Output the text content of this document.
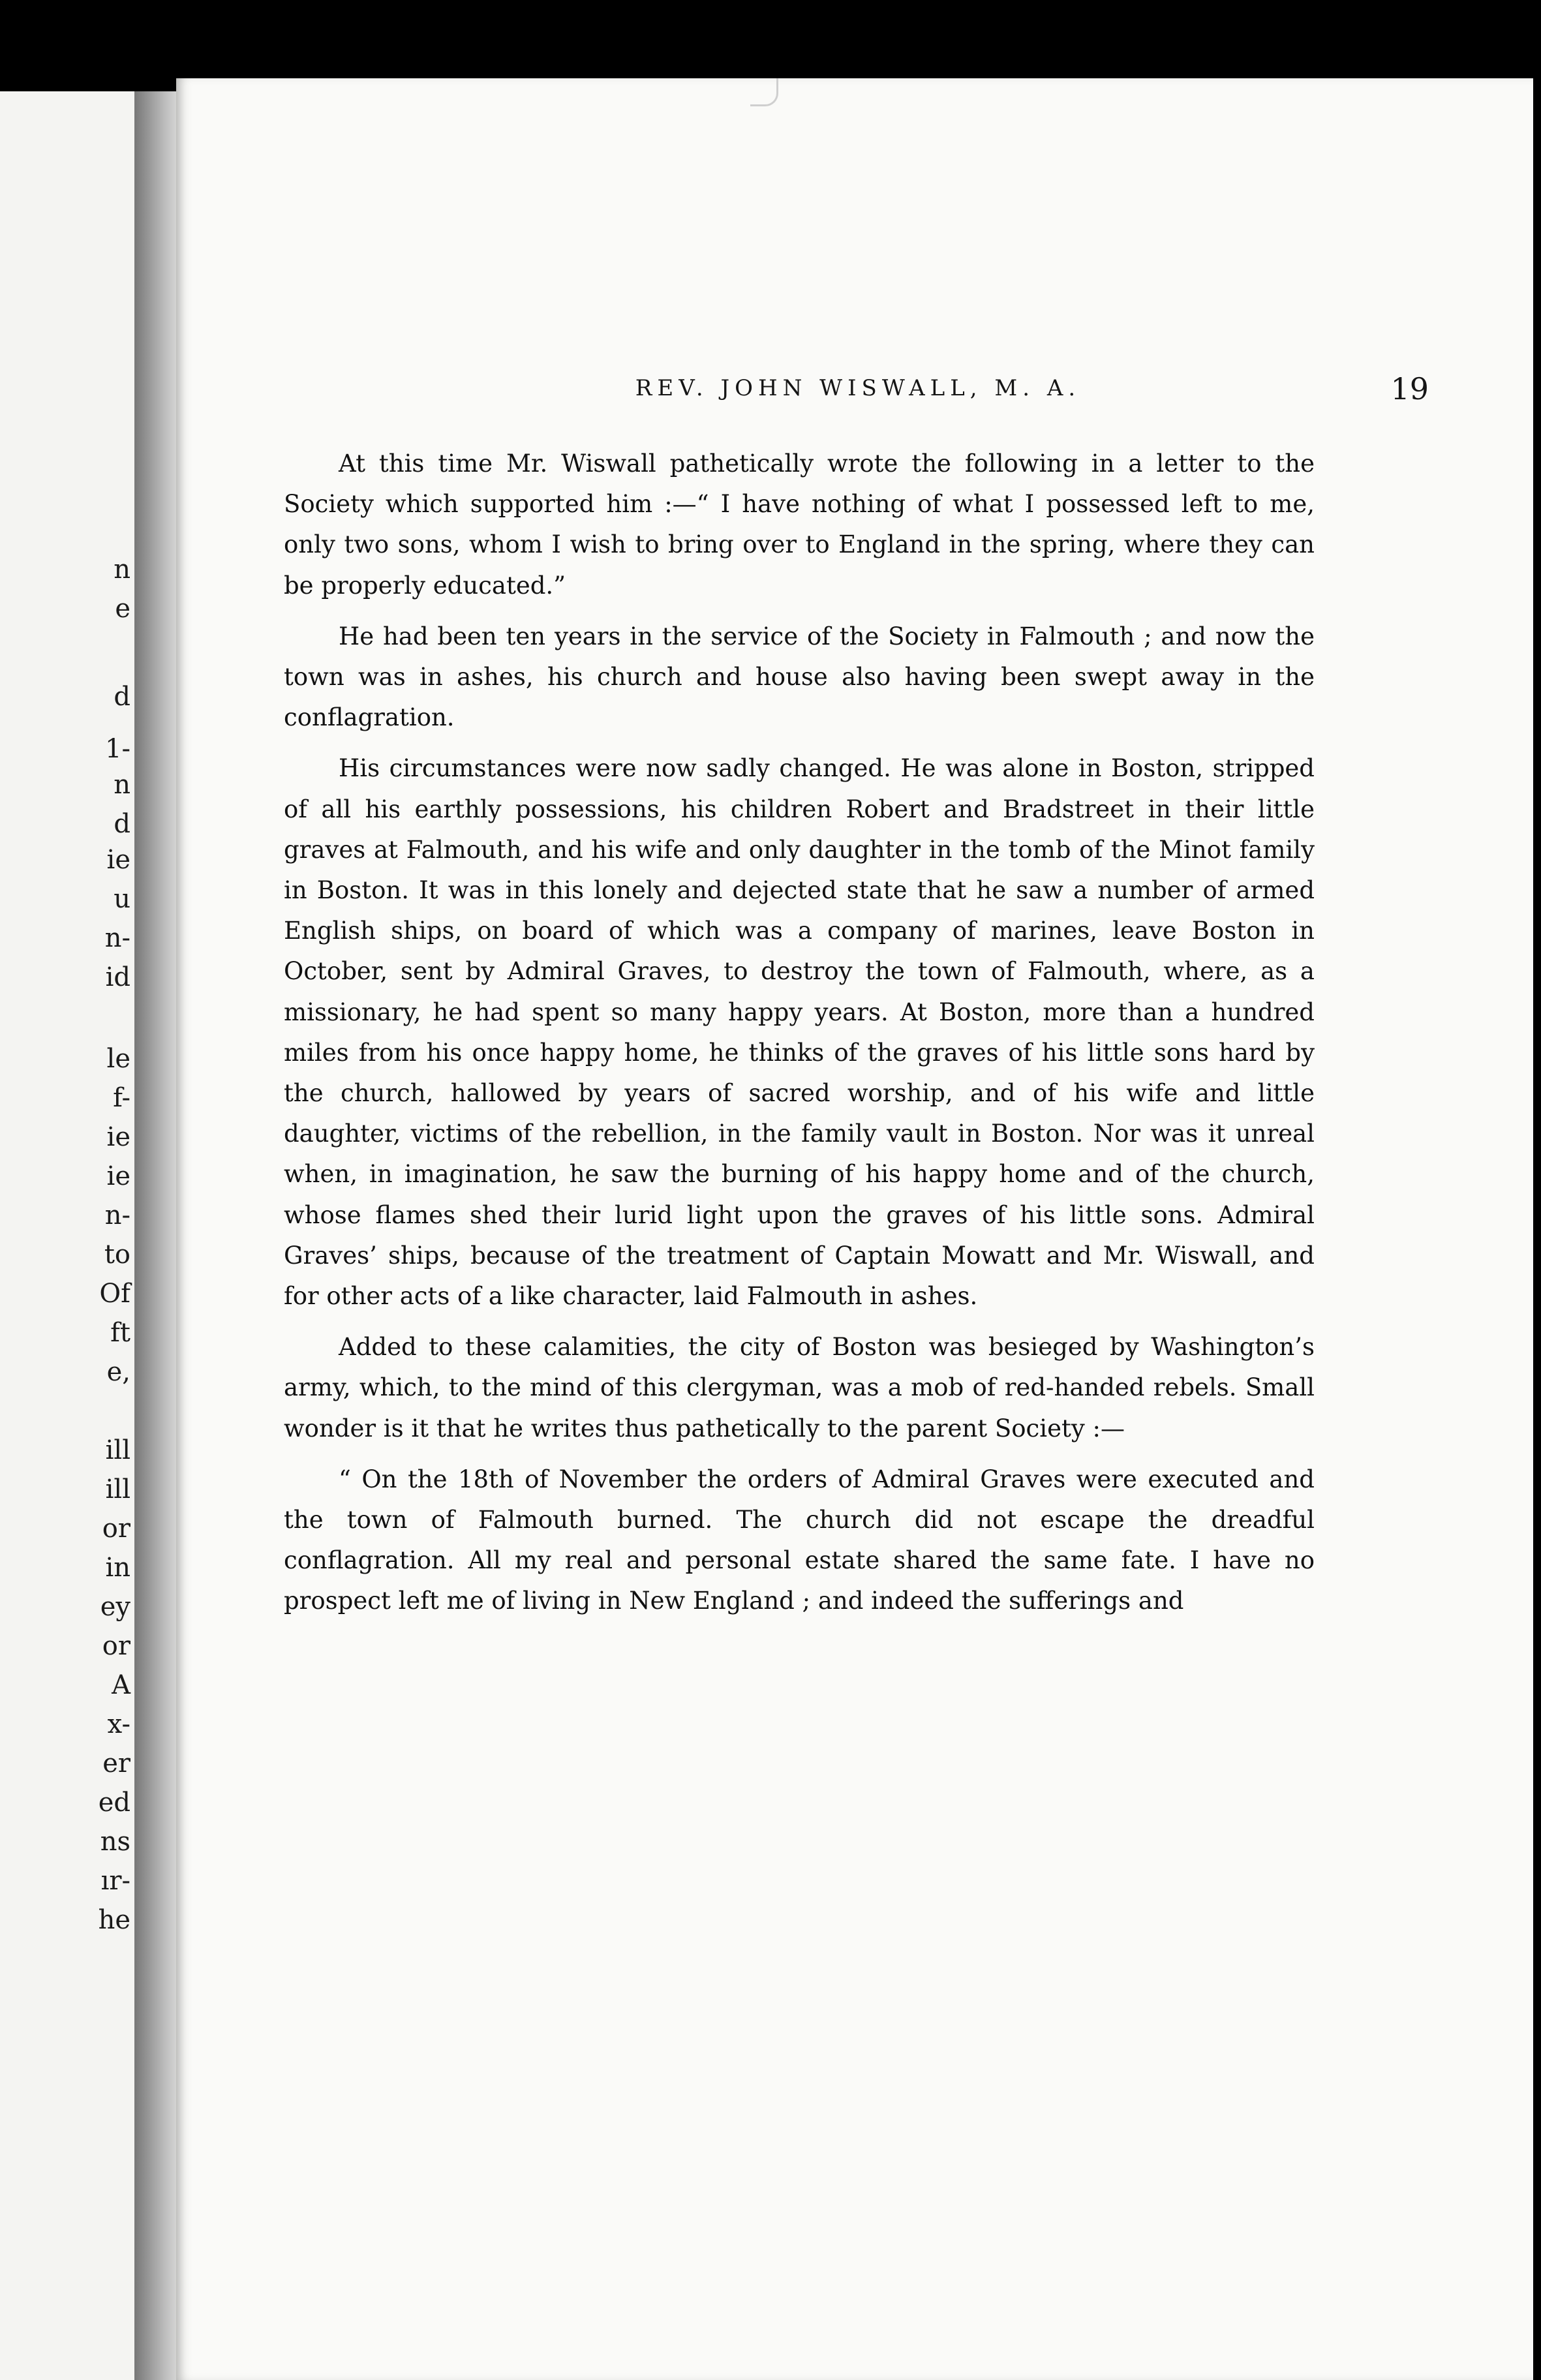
n
e
d
1-
n
d
ie
u
n-
id
le
f-
ie
ie
n-
to
Of
ft
e,
ill
ill
or
in
ey
or
A
x-
er
ed
ns
ır-
he
REV. JOHN WISWALL, M. A.	19

At this time Mr. Wiswall pathetically wrote the following in a letter to the Society which supported him :—“ I have nothing of what I possessed left to me, only two sons, whom I wish to bring over to England in the spring, where they can be properly educated.”

He had been ten years in the service of the Society in Falmouth ; and now the town was in ashes, his church and house also having been swept away in the conflagration.

His circumstances were now sadly changed. He was alone in Boston, stripped of all his earthly possessions, his children Robert and Bradstreet in their little graves at Falmouth, and his wife and only daughter in the tomb of the Minot family in Boston. It was in this lonely and dejected state that he saw a number of armed English ships, on board of which was a company of marines, leave Boston in October, sent by Admiral Graves, to destroy the town of Falmouth, where, as a missionary, he had spent so many happy years. At Boston, more than a hundred miles from his once happy home, he thinks of the graves of his little sons hard by the church, hallowed by years of sacred worship, and of his wife and little daughter, victims of the rebellion, in the family vault in Boston. Nor was it unreal when, in imagination, he saw the burning of his happy home and of the church, whose flames shed their lurid light upon the graves of his little sons. Admiral Graves’ ships, because of the treatment of Captain Mowatt and Mr. Wiswall, and for other acts of a like character, laid Falmouth in ashes.

Added to these calamities, the city of Boston was besieged by Washington’s army, which, to the mind of this clergyman, was a mob of red-handed rebels. Small wonder is it that he writes thus pathetically to the parent Society :—

“ On the 18th of November the orders of Admiral Graves were executed and the town of Falmouth burned. The church did not escape the dreadful conflagration. All my real and personal estate shared the same fate. I have no prospect left me of living in New England ; and indeed the sufferings and
